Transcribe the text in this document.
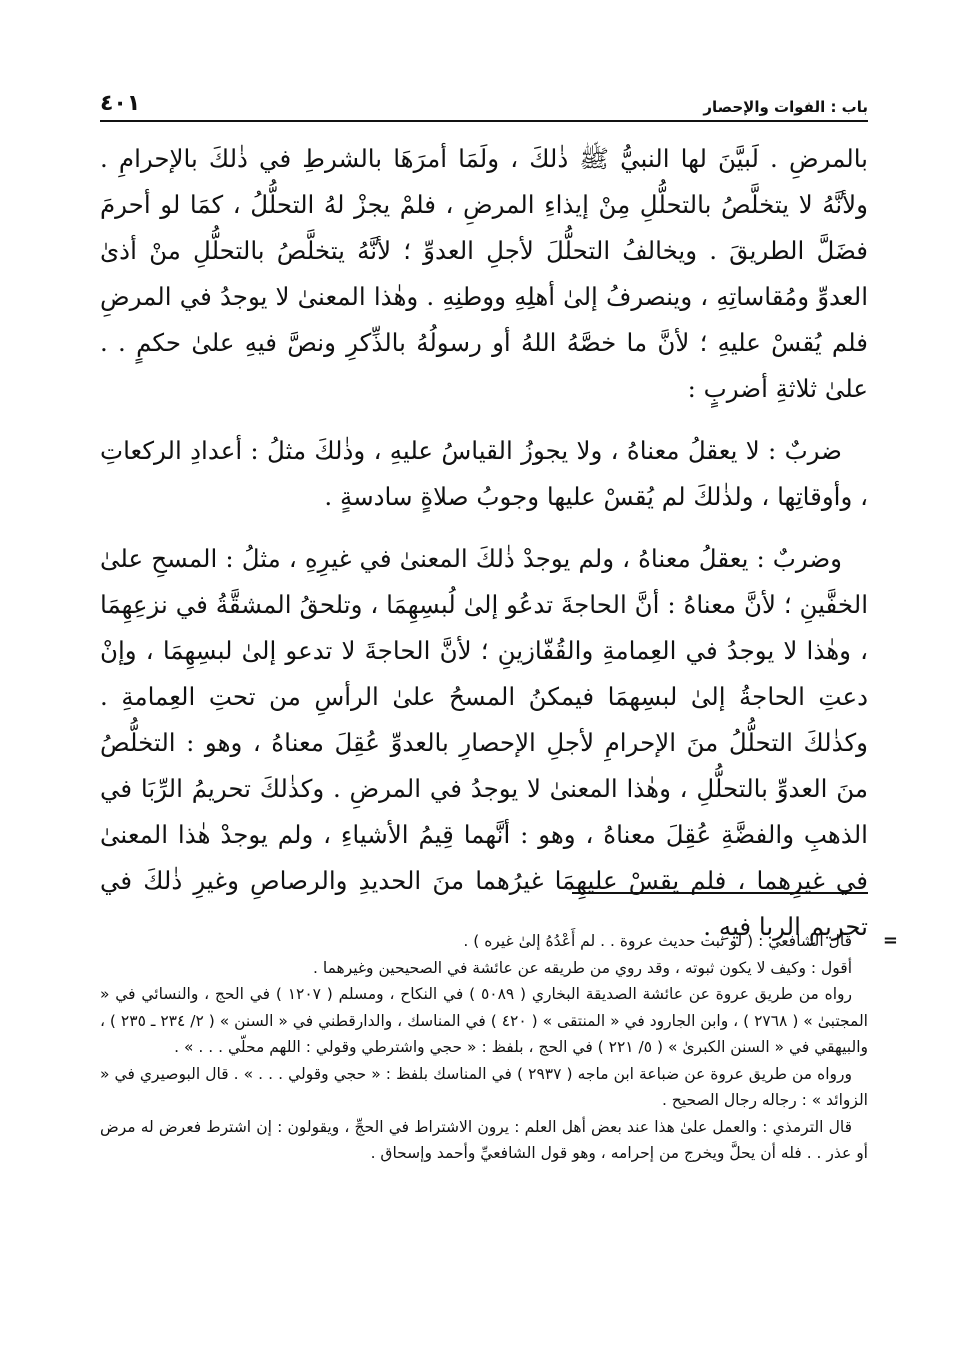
باب : الفوات والإحصار
٤٠١

بالمرضِ . لَبيَّنَ لها النبيُّ ﷺ ذٰلكَ ، ولَمَا أمرَهَا بالشرطِ في ذٰلكَ بالإحرامِ . ولأنَّهُ لا يتخلَّصُ بالتحلُّلِ مِنْ إيذاءِ المرضِ ، فلمْ يجزْ لهُ التحلُّلُ ، كمَا لو أحرمَ فضَلَّ الطريقَ . ويخالفُ التحلُّلَ لأجلِ العدوِّ ؛ لأنَّهُ يتخلَّصُ بالتحلُّلِ منْ أذىٰ العدوِّ ومُقاساتِهِ ، وينصرفُ إلىٰ أهلِهِ ووطنِهِ . وهٰذا المعنىٰ لا يوجدُ في المرضِ فلم يُقسْ عليهِ ؛ لأنَّ ما خصَّهُ اللهُ أو رسولُهُ بالذِّكرِ ونصَّ فيهِ علىٰ حكمٍ . . علىٰ ثلاثةِ أضربٍ :

ضربٌ : لا يعقلُ معناهُ ، ولا يجوزُ القياسُ عليهِ ، وذٰلكَ مثلُ : أعدادِ الركعاتِ ، وأوقاتِها ، ولذٰلكَ لم يُقسْ عليها وجوبُ صلاةٍ سادسةٍ .

وضربٌ : يعقلُ معناهُ ، ولم يوجدْ ذٰلكَ المعنىٰ في غيرِهِ ، مثلُ : المسحِ علىٰ الخفَّينِ ؛ لأنَّ معناهُ : أنَّ الحاجةَ تدعُو إلىٰ لُبسِهِمَا ، وتلحقُ المشقَّةُ في نزعِهِمَا ، وهٰذا لا يوجدُ في العِمامةِ والقُفّازينِ ؛ لأنَّ الحاجةَ لا تدعو إلىٰ لبسِهِمَا ، وإنْ دعتِ الحاجةُ إلىٰ لبسِهمَا فيمكنُ المسحُ علىٰ الرأسِ من تحتِ العِمامةِ . وكذٰلكَ التحلُّلُ منَ الإحرامِ لأجلِ الإحصارِ بالعدوِّ عُقِلَ معناهُ ، وهو : التخلُّصُ منَ العدوِّ بالتحلُّلِ ، وهٰذا المعنىٰ لا يوجدُ في المرضِ . وكذٰلكَ تحريمُ الرِّبَا في الذهبِ والفضَّةِ عُقِلَ معناهُ ، وهو : أنَّهما قِيمُ الأشياءِ ، ولم يوجدْ هٰذا المعنىٰ في غيرِهما ، فلم يقسْ عليهِمَا غيرُهما منَ الحديدِ والرصاصِ وغيرِ ذٰلكَ في تحريمِ الربا فيهِ . =

قال الشافعي : ( لو ثبت حديث عروة . . لم أَعْدُهُ إلىٰ غيره ) .

أقول : وكيف لا يكون ثبوته ، وقد روي من طريقه عن عائشة في الصحيحين وغيرهما .

رواه من طريق عروة عن عائشة الصديقة البخاري ( ٥٠٨٩ ) في النكاح ، ومسلم ( ١٢٠٧ ) في الحج ، والنسائي في « المجتبىٰ » ( ٢٧٦٨ ) ، وابن الجارود في « المنتقى » ( ٤٢٠ ) في المناسك ، والدارقطني في « السنن » ( ٢/ ٢٣٤ ـ ٢٣٥ ) ، والبيهقي في « السنن الكبرىٰ » ( ٥/ ٢٢١ ) في الحج ، بلفظ : « حجي واشترطي وقولي : اللهم محلّي . . . » .

ورواه من طريق عروة عن ضباعة ابن ماجه ( ٢٩٣٧ ) في المناسك بلفظ : « حجي وقولي . . . » . قال البوصيري في « الزوائد » : رجاله رجال الصحيح .

قال الترمذي : والعمل علىٰ هذا عند بعض أهل العلم : يرون الاشتراط في الحجِّ ، ويقولون : إن اشترط فعرض له مرض أو عذر . . فله أن يحلَّ ويخرج من إحرامه ، وهو قول الشافعيِّ وأحمد وإسحاق .
